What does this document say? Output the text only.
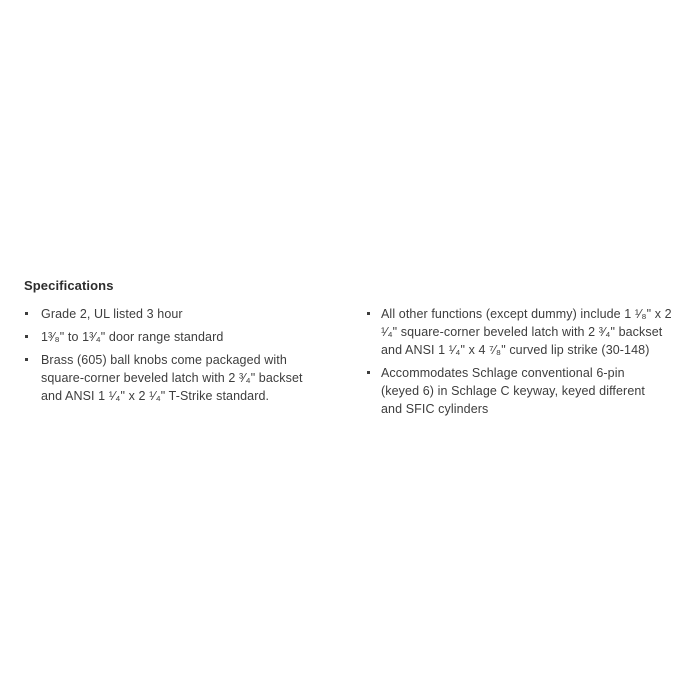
Specifications
Grade 2, UL listed 3 hour
1³⁄₈" to 1³⁄₄" door range standard
Brass (605) ball knobs come packaged with
square-corner beveled latch with 2 ³⁄₄" backset
and ANSI 1 ¹⁄₄" x 2 ¹⁄₄" T-Strike standard.
All other functions (except dummy) include 1 ¹⁄₈" x 2
¹⁄₄" square-corner beveled latch with 2 ³⁄₄" backset
and ANSI 1 ¹⁄₄" x 4 ⁷⁄₈" curved lip strike (30-148)
Accommodates Schlage conventional 6-pin
(keyed 6) in Schlage C keyway, keyed different
and SFIC cylinders
